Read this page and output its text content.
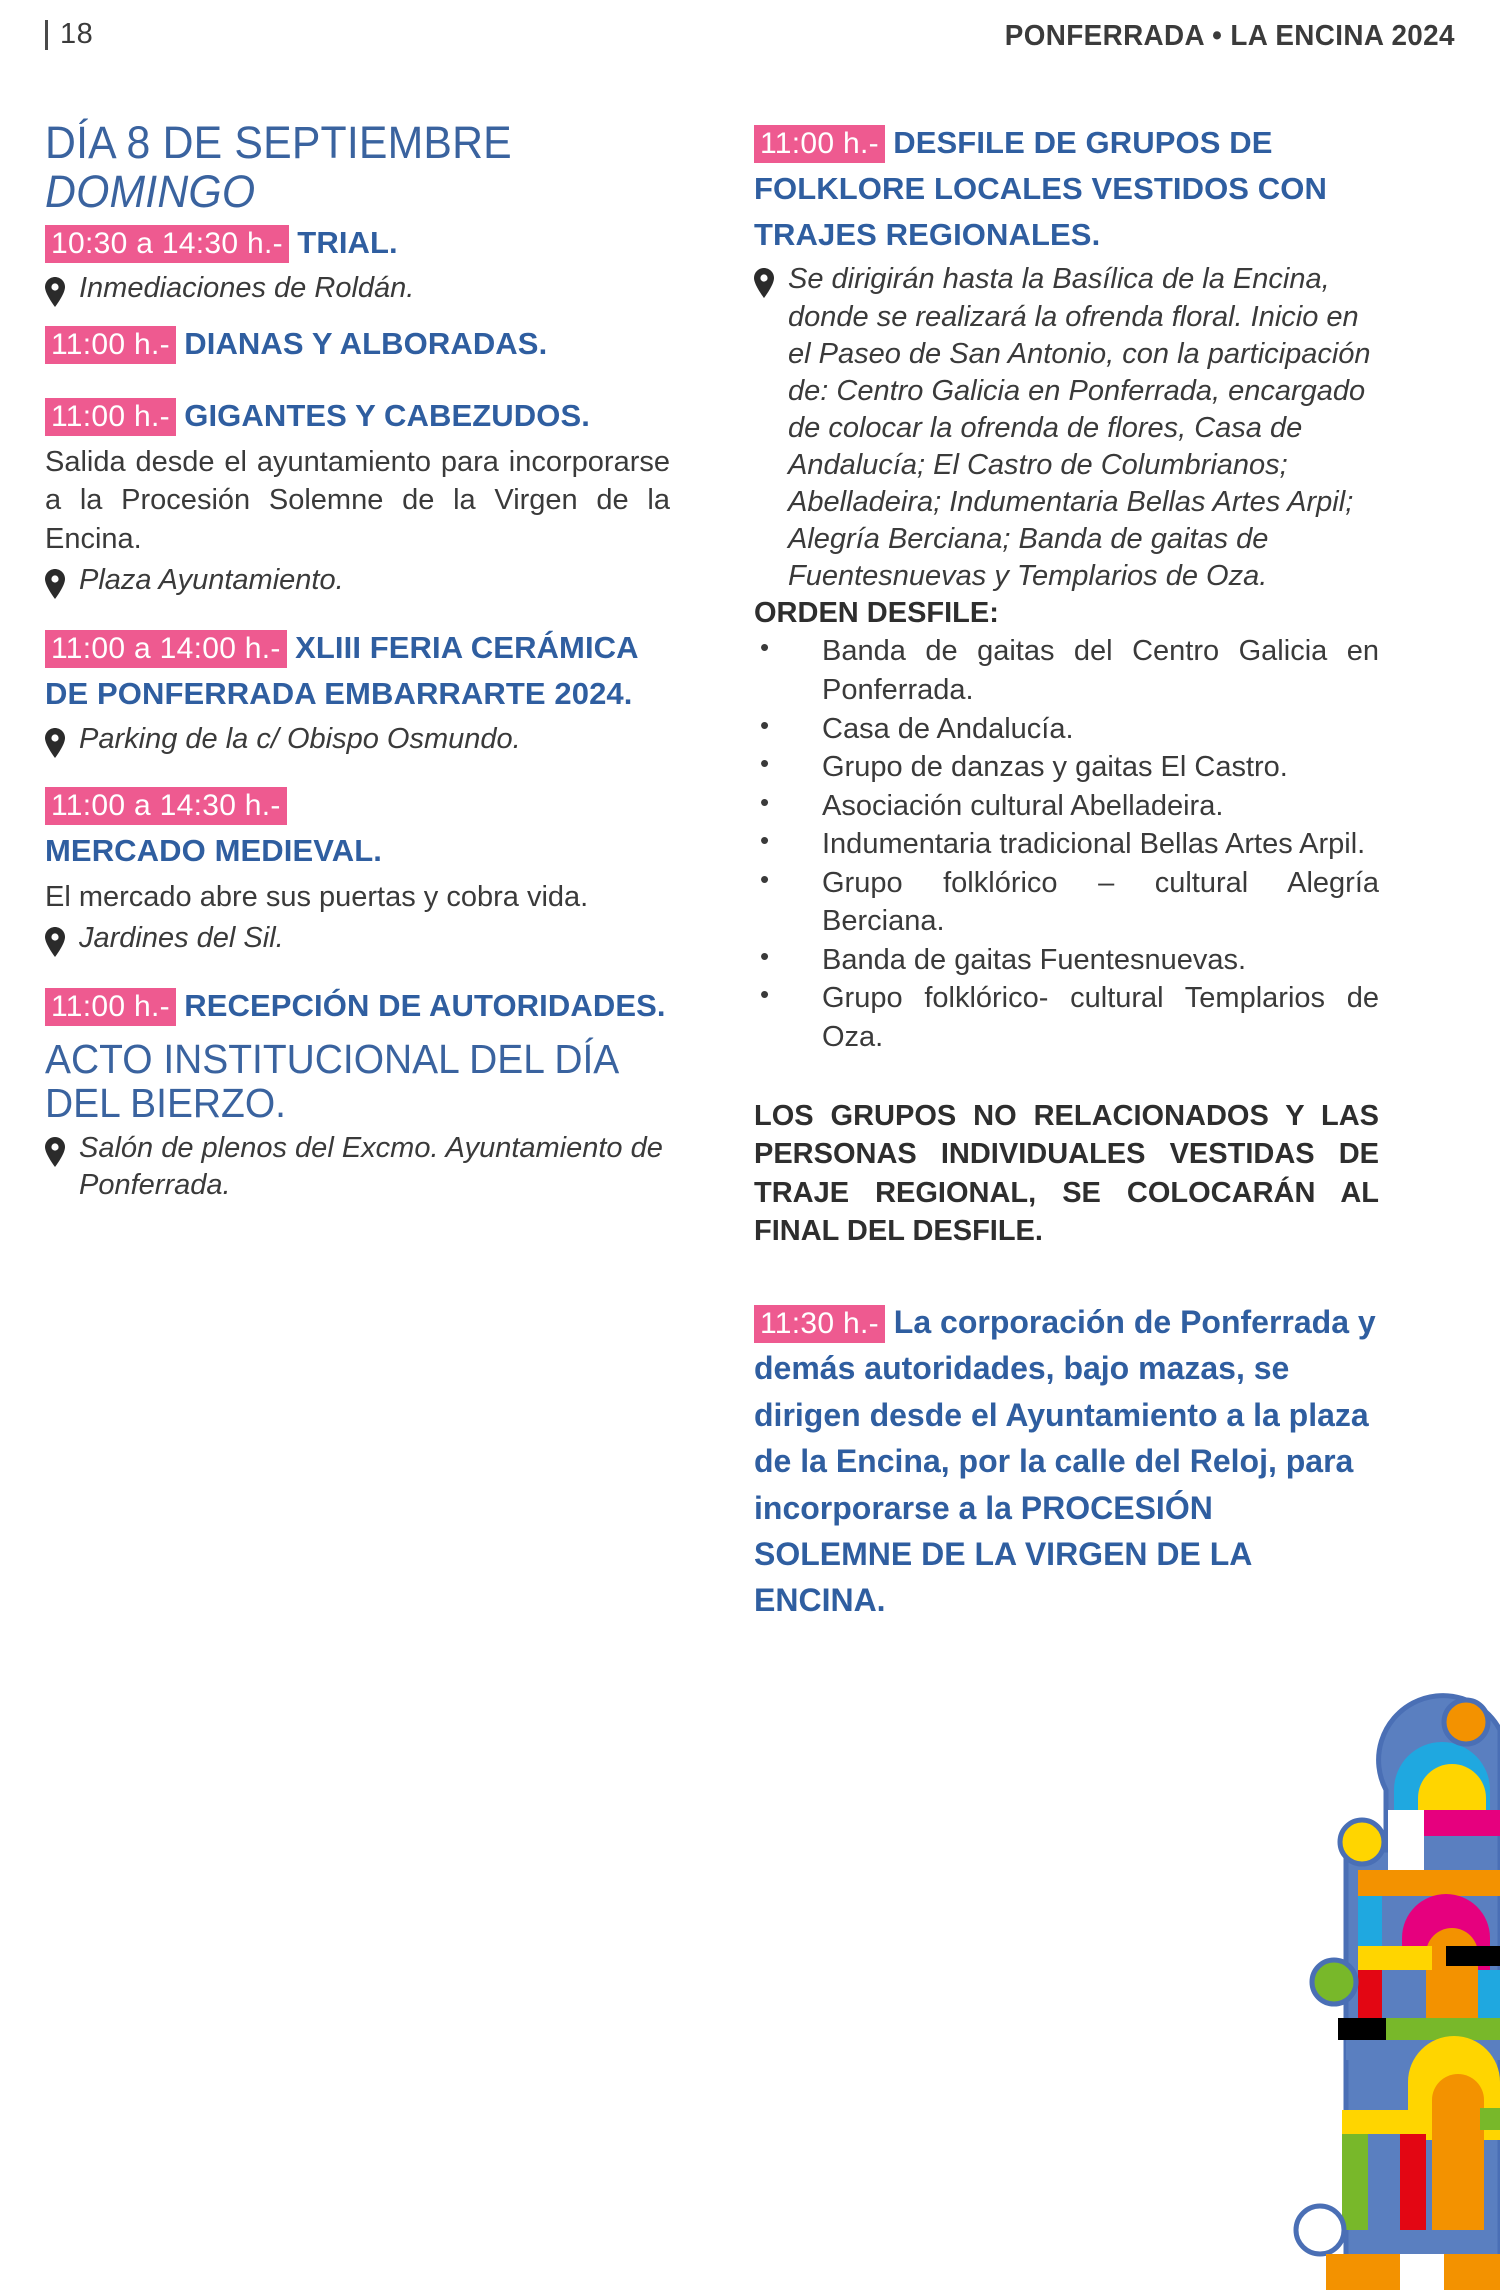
18	PONFERRADA • LA ENCINA 2024
DÍA 8 DE SEPTIEMBRE
DOMINGO

10:30 a 14:30 h.- TRIAL.

Inmediaciones de Roldán.

11:00 h.- DIANAS Y ALBORADAS.

11:00 h.- GIGANTES Y CABEZUDOS.

Salida desde el ayuntamiento para incorporarse a la Procesión Solemne de la Virgen de la Encina.

Plaza Ayuntamiento.

11:00 a 14:00 h.- XLIII FERIA CERÁMICA DE PONFERRADA EMBARRARTE 2024.

Parking de la c/ Obispo Osmundo.

11:00 a 14:30 h.-
MERCADO MEDIEVAL.

El mercado abre sus puertas y cobra vida.

Jardines del Sil.

11:00 h.- RECEPCIÓN DE AUTORIDADES.

ACTO INSTITUCIONAL DEL DÍA DEL BIERZO.

Salón de plenos del Excmo. Ayuntamiento de Ponferrada.

11:00 h.- DESFILE DE GRUPOS DE FOLKLORE LOCALES VESTIDOS CON TRAJES REGIONALES.

Se dirigirán hasta la Basílica de la Encina, donde se realizará la ofrenda floral. Inicio en el Paseo de San Antonio, con la participación de: Centro Galicia en Ponferrada, encargado de colocar la ofrenda de flores, Casa de Andalucía; El Castro de Columbrianos; Abelladeira; Indumentaria Bellas Artes Arpil; Alegría Berciana; Banda de gaitas de Fuentesnuevas y Templarios de Oza.

ORDEN DESFILE:

• Banda de gaitas del Centro Galicia en Ponferrada.
• Casa de Andalucía.
• Grupo de danzas y gaitas El Castro.
• Asociación cultural Abelladeira.
• Indumentaria tradicional Bellas Artes Arpil.
• Grupo folklórico – cultural Alegría Berciana.
• Banda de gaitas Fuentesnuevas.
• Grupo folklórico- cultural Templarios de Oza.

LOS GRUPOS NO RELACIONADOS Y LAS PERSONAS INDIVIDUALES VESTIDAS DE TRAJE REGIONAL, SE COLOCARÁN AL FINAL DEL DESFILE.

11:30 h.- La corporación de Ponferrada y demás autoridades, bajo mazas, se dirigen desde el Ayuntamiento a la plaza de la Encina, por la calle del Reloj, para incorporarse a la PROCESIÓN SOLEMNE DE LA VIRGEN DE LA ENCINA.
